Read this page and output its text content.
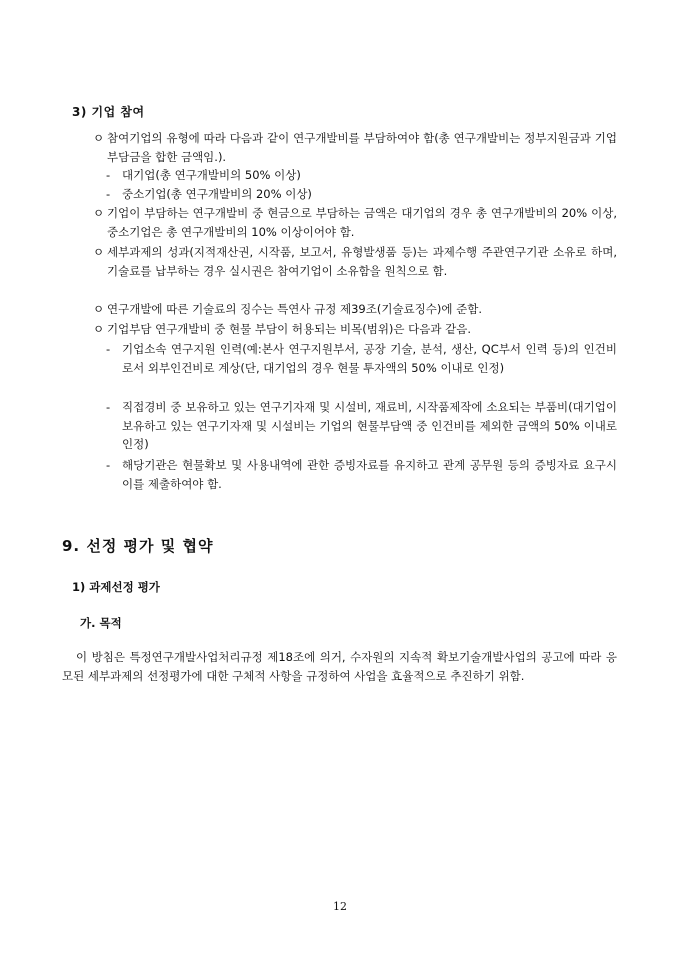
3) 기업 참여
ㅇ 참여기업의 유형에 따라 다음과 같이 연구개발비를 부담하여야 함(총 연구개발비는 정부지원금과 기업부담금을 합한 금액임.).
- 대기업(총 연구개발비의 50% 이상)
- 중소기업(총 연구개발비의 20% 이상)
ㅇ 기업이 부담하는 연구개발비 중 현금으로 부담하는 금액은 대기업의 경우 총 연구개발비의 20% 이상, 중소기업은 총 연구개발비의 10% 이상이어야 함.
ㅇ 세부과제의 성과(지적재산권, 시작품, 보고서, 유형발생품 등)는 과제수행 주관연구기관 소유로 하며, 기술료를 납부하는 경우 실시권은 참여기업이 소유함을 원칙으로 함.
ㅇ 연구개발에 따른 기술료의 징수는 특연사 규정 제39조(기술료징수)에 준함.
ㅇ 기업부담 연구개발비 중 현물 부담이 허용되는 비목(범위)은 다음과 같음.
- 기업소속 연구지원 인력(예:본사 연구지원부서, 공장 기술, 분석, 생산, QC부서 인력 등)의 인건비로서 외부인건비로 계상(단, 대기업의 경우 현물 투자액의 50% 이내로 인정)
- 직접경비 중 보유하고 있는 연구기자재 및 시설비, 재료비, 시작품제작에 소요되는 부품비(대기업이 보유하고 있는 연구기자재 및 시설비는 기업의 현물부담액 중 인건비를 제외한 금액의 50% 이내로 인정)
- 해당기관은 현물확보 및 사용내역에 관한 증빙자료를 유지하고 관계 공무원 등의 증빙자료 요구시 이를 제출하여야 함.
9. 선정 평가 및 협약
1) 과제선정 평가
가. 목적
이 방침은 특정연구개발사업처리규정 제18조에 의거, 수자원의 지속적 확보기술개발사업의 공고에 따라 응모된 세부과제의 선정평가에 대한 구체적 사항을 규정하여 사업을 효율적으로 추진하기 위함.
12
